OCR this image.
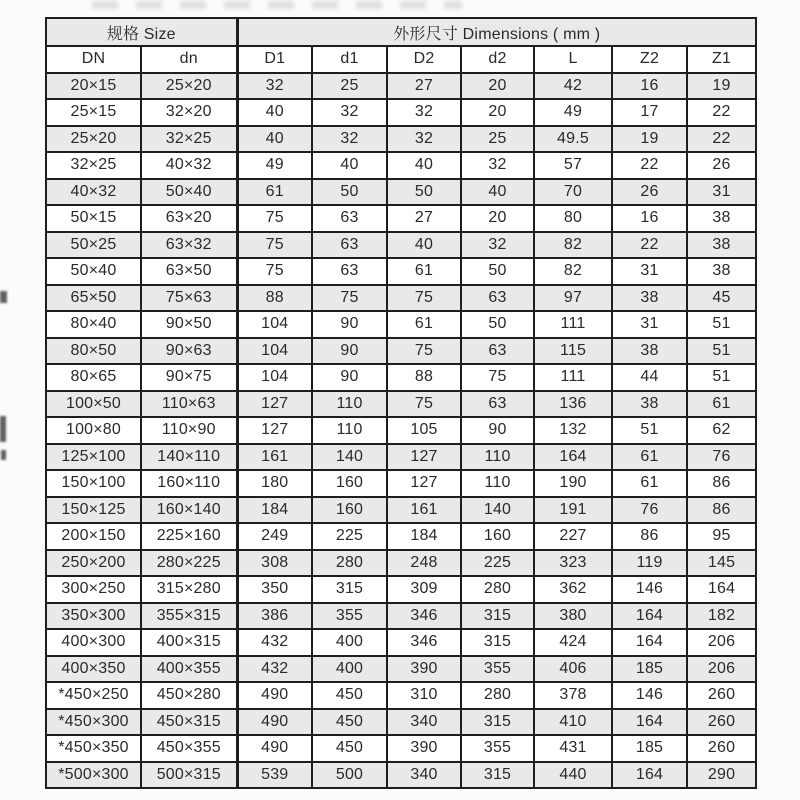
规格 Size		外形尺寸 Dimensions ( mm )						
DN	dn	D1	d1	D2	d2	L	Z2	Z1
20×15	25×20	32	25	27	20	42	16	19
25×15	32×20	40	32	32	20	49	17	22
25×20	32×25	40	32	32	25	49.5	19	22
32×25	40×32	49	40	40	32	57	22	26
40×32	50×40	61	50	50	40	70	26	31
50×15	63×20	75	63	27	20	80	16	38
50×25	63×32	75	63	40	32	82	22	38
50×40	63×50	75	63	61	50	82	31	38
65×50	75×63	88	75	75	63	97	38	45
80×40	90×50	104	90	61	50	111	31	51
80×50	90×63	104	90	75	63	115	38	51
80×65	90×75	104	90	88	75	111	44	51
100×50	110×63	127	110	75	63	136	38	61
100×80	110×90	127	110	105	90	132	51	62
125×100	140×110	161	140	127	110	164	61	76
150×100	160×110	180	160	127	110	190	61	86
150×125	160×140	184	160	161	140	191	76	86
200×150	225×160	249	225	184	160	227	86	95
250×200	280×225	308	280	248	225	323	119	145
300×250	315×280	350	315	309	280	362	146	164
350×300	355×315	386	355	346	315	380	164	182
400×300	400×315	432	400	346	315	424	164	206
400×350	400×355	432	400	390	355	406	185	206
*450×250	450×280	490	450	310	280	378	146	260
*450×300	450×315	490	450	340	315	410	164	260
*450×350	450×355	490	450	390	355	431	185	260
*500×300	500×315	539	500	340	315	440	164	290
